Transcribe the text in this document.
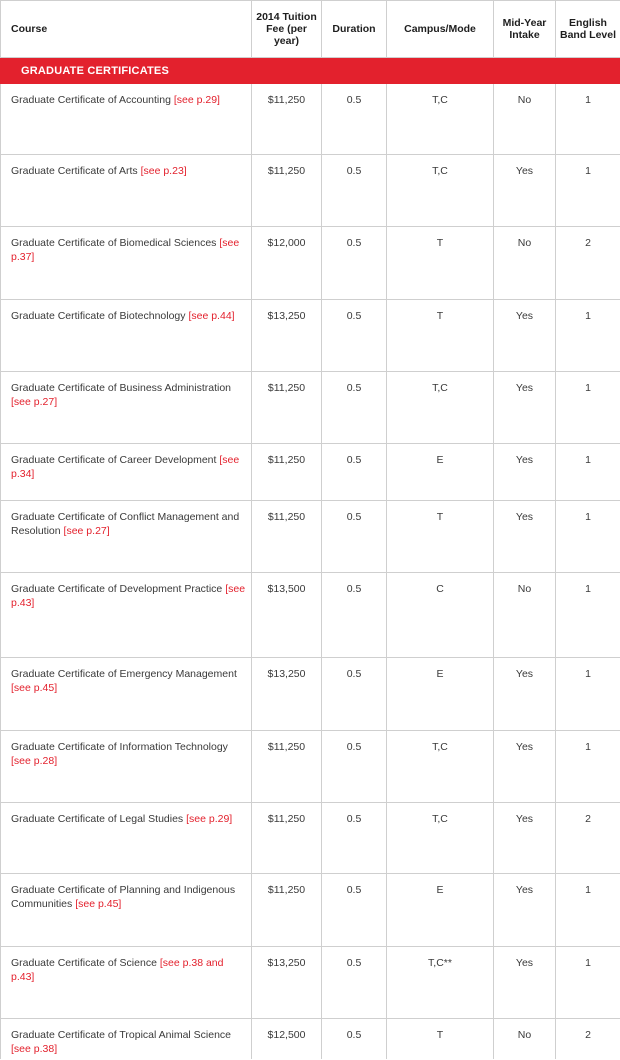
Course	2014 Tuition Fee (per year)	Duration	Campus/Mode	Mid-Year Intake	English Band Level
GRADUATE CERTIFICATES					
Graduate Certificate of Accounting [see p.29]	$11,250	0.5	T,C	No	1
Graduate Certificate of Arts [see p.23]	$11,250	0.5	T,C	Yes	1
Graduate Certificate of Biomedical Sciences [see p.37]	$12,000	0.5	T	No	2
Graduate Certificate of Biotechnology [see p.44]	$13,250	0.5	T	Yes	1
Graduate Certificate of Business Administration [see p.27]	$11,250	0.5	T,C	Yes	1
Graduate Certificate of Career Development [see p.34]	$11,250	0.5	E	Yes	1
Graduate Certificate of Conflict Management and Resolution [see p.27]	$11,250	0.5	T	Yes	1
Graduate Certificate of Development Practice [see p.43]	$13,500	0.5	C	No	1
Graduate Certificate of Emergency Management [see p.45]	$13,250	0.5	E	Yes	1
Graduate Certificate of Information Technology [see p.28]	$11,250	0.5	T,C	Yes	1
Graduate Certificate of Legal Studies [see p.29]	$11,250	0.5	T,C	Yes	2
Graduate Certificate of Planning and Indigenous Communities [see p.45]	$11,250	0.5	E	Yes	1
Graduate Certificate of Science [see p.38 and p.43]	$13,250	0.5	T,C**	Yes	1
Graduate Certificate of Tropical Animal Science [see p.38]	$12,500	0.5	T	No	2
